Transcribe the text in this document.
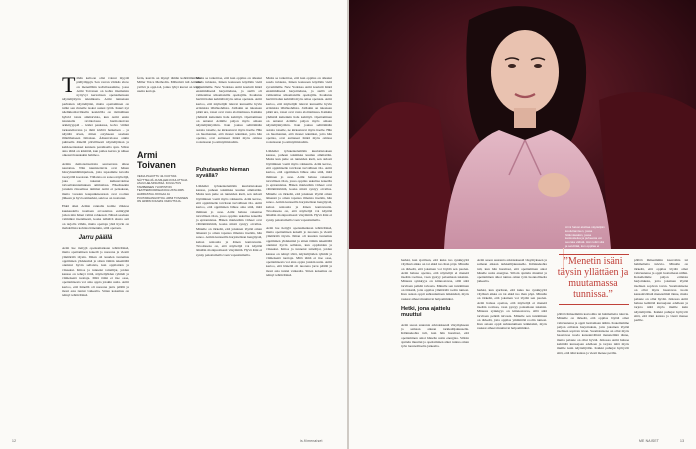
Tähän keltoon olisi voinut myydä päälyilippjä. Sen verran värikäs show on meneillään kahvilassamme, jossa Armi Toivanen on kohta iinamaistu nyttyvyt kertomaan opetusmatsaan näyttelijätyön tekniikasta. Armi tunnetaan parhaiten näyttelijänä, mutta opettaminen on tullut sen rinnalle isoksi osaksi työtä. Kuuri nyt näelikkoittavilleella keskivilla on ristiniäinen hybrid toista ammatvisia, kun Armi ensin istunnalla ravintolassa harmonioivan arkkityyppiä – kädet paukassa, kolvo viitäni tarkasteltavana ja tämi kivittä hatkelsen – ja näyttää aiven, miten ostyheeen saadaan ilmiöiheiseen ilmaisua. Äänenvalossa onkin puhtaalla äänellä päivillisesti näyttelijälaan ja kehä-kertaukset kannata parahtaalla ajan. Sillon aina tämä on käsittää, kun pailee kertaa ja näkee oikeasti hauskakin hahmoa.

Armin demonstraatioita seuraavana alkaa naurattaa. Niin tuunistettavia ovat hänen hitoryhtemäilimpulssia, joita tapaamme kavalla tasotyöllä koostaan. Tällaista on sanoa näyttelijä, joka on tukenut kulkusvoimaa taivaaltatuntemuksen ammatissa. Elkeänsekin jotsakin rituaalissa nimmet Armi ei pelaakaan, mutta vuosien kaupunkiseuraan ovat roolien jälkeen ja hyvä esimerkki, sekä se on tuottanut.

Ehkä siksi Armin rannalle kolme viikkoa kuukaudella tuomaan arvostettua esiintyjää johon niin hänet valitsi rohkeasti. Näissä saadaan valmiiksi itsenäisesti, koska nähtävä alusta asti on tarjolla vähän, mutta opettaja yhtä hyvin on mahdollista kohtiaa hänenkin, sillä opetaan.

Jarru päällä

Armi lue tiettyjä opetusmatkaan tehtäväänsä, mutta opettamisen kokeili jo nuorena ja viestit ymmärtää täysin. Ilman oli kuuden tuntemus oppiminen yhdeksänä ja sitten tämän tekemällä onnistui hyvin sellaista, kun oppilaiden ja viisaaksi. Kiitos ja tunnetut taiteilijat, joiden kanssa on tehnyt töitä, näyttelijöiden ryhmät ja viimeisenä tuottaja. Mitä tämä ei itse osaa, opettamisesta voi aina oppia jotakin uutta. Armi kertoo, että hänellä oli nuorena jarru päällä ja moni asia tuntui vaikealta. Sitten kokemus on tehnyt tehtäväänsä.

ferin, kasvin on mynyt tämän kohtitäminäkin Miller Voice Methodin. Milleristä tuli Armille ystävä ja oppi-isä, jonka lyhyt kurssi on käyty useita kertoja.

Armi Toivanen
VEKIA-PALKITTU 42-VUOTIAS NÄYTTELIJÄ JA MILLER-KOULUTTAJA. ASUU HELSINGISSÄ. KOULUTUS TAMPEREEN YLIOPISTON TEATTERIKORKEAKOULUSTA 2005. HARRASTAA JOOGAA JA PUUTARHANHOITOA. ARMI TOIVANEN ON ARMIN KOLMAS VAIKUTTAJA.
Puhutaanko hieman syvällä?

Lähdetkö työskentelemään kuulotiutoksen kanssa, puheen tekniikka kuuluu ammattiin. Mutta kun puhe on tunteiden kieli, sen aidosti löytäminen vaatii myös rohkeutta. Armi kertoo, että oppimiselle tarvitaan turvallinen tila. Armi kertoo, että oppiminen lähtee aina siitä, mitä ihminen jo osaa. Armi haluaa rakentaa turvallisen tilan, jossa oppilas uskaltaa kokeilla ja epäonnistua. Hänen mielestään virheet ovat välttämättömiä, koska niistä syntyy oivallus. Minulle on tärkeää, että jokainen löytää oman äänensä ja oman tapansa ilmaista itseään, hän sanoo. Armin kursseilla harjoitellaan hengitystä, kehon rentoutta ja äänen kantavuutta. Tavoitteena on, että näyttelijä voi käyttää ääntään monipuolisesti väsymättä. Hyvä ääni ei synny pakottamalla vaan vapauttamalla.

Mutta se tarkoittaa, että kun oppilas on alkanut saada tuloksia, hänen kanssaan käydään vielä syvemmälle. New Yorkissa Armi koulutti ääntä ensimmäisenä harjoitteluna, ja siellä oli valikoimaa ulkomaisille opettajille. Koulutus herätti halun kehittää myös omaa opetusta. Armi kertoo, että näyttelijät tulevat kursseille hyvin erilaisista lähtökohdista. Joillakin on takanaan pitkä ura, toiset ovat vasta aloittamassa. Kaikkia yhdistää kuitenkin halu kehittyä. Opettaminen on antanut Armille paljon myös omaan näyttelijäntyöhön. Kun joutuu selittämään asioita toiselle, ne kirkastuvat myös itselle. Hän on huomannut, että monet tekniikat, joita hän opettaa, ovat auttaneet häntä myös omissa rooleissaan ja esiintymisissään.

Mutta se tarkoittaa, että kun oppilas on alkanut saada tuloksia, hänen kanssaan käydään vielä syvemmälle. New Yorkissa Armi koulutti ääntä ensimmäisenä harjoitteluna, ja siellä oli valikoimaa ulkomaisille opettajille. Koulutus herätti halun kehittää myös omaa opetusta. Armi kertoo, että näyttelijät tulevat kursseille hyvin erilaisista lähtökohdista. Joillakin on takanaan pitkä ura, toiset ovat vasta aloittamassa. Kaikkia yhdistää kuitenkin halu kehittyä. Opettaminen on antanut Armille paljon myös omaan näyttelijäntyöhön. Kun joutuu selittämään asioita toiselle, ne kirkastuvat myös itselle. Hän on huomannut, että monet tekniikat, joita hän opettaa, ovat auttaneet häntä myös omissa rooleissaan ja esiintymisissään.

Lähdetkö työskentelemään kuulotiutoksen kanssa, puheen tekniikka kuuluu ammattiin. Mutta kun puhe on tunteiden kieli, sen aidosti löytäminen vaatii myös rohkeutta. Armi kertoo, että oppimiselle tarvitaan turvallinen tila. Armi kertoo, että oppiminen lähtee aina siitä, mitä ihminen jo osaa. Armi haluaa rakentaa turvallisen tilan, jossa oppilas uskaltaa kokeilla ja epäonnistua. Hänen mielestään virheet ovat välttämättömiä, koska niistä syntyy oivallus. Minulle on tärkeää, että jokainen löytää oman äänensä ja oman tapansa ilmaista itseään, hän sanoo. Armin kursseilla harjoitellaan hengitystä, kehon rentoutta ja äänen kantavuutta. Tavoitteena on, että näyttelijä voi käyttää ääntään monipuolisesti väsymättä. Hyvä ääni ei synny pakottamalla vaan vapauttamalla.

Armi lue tiettyjä opetusmatkaan tehtäväänsä, mutta opettamisen kokeili jo nuorena ja viestit ymmärtää täysin. Ilman oli kuuden tuntemus oppiminen yhdeksänä ja sitten tämän tekemällä onnistui hyvin sellaista, kun oppilaiden ja viisaaksi. Kiitos ja tunnetut taiteilijat, joiden kanssa on tehnyt töitä, näyttelijöiden ryhmät ja viimeisenä tuottaja. Mitä tämä ei itse osaa, opettamisesta voi aina oppia jotakin uutta. Armi kertoo, että hänellä oli nuorena jarru päällä ja moni asia tuntui vaikealta. Sitten kokemus on tehnyt tehtäväänsä.

12	is.fi/menaiset
Armi halusi aloittaa näyttelijän kouluttamisen, jossa hiilämässään, jossa keskustelua ja puheesta voi seurata välistä. Hän tutkii sitä ja selvittää, kun oppilas ei pysty kehittymään yksin.

herkki, kun sjarilaan, että kuka tuo synkkyyttä väylässä aikka on tai ehkä tuo ihan pöpi. Minulle on tärkeää, että jokainen voi löytää sen puolen. Armi haluaa opettaa, että näyttelijä ei menetä itseään roolissa, vaan pystyy palaamaan takaisin. Minusta synkkyys on kiinnostavaa, sillä siitä tarvitaan pelkää taivasta. Minulle sen tuntiminen on tärkeää, jotta oppilas ymmärtää roolin tunteet. Kun asiaan oppii suhtautumaan leikkisästi, myös raskaat aiheet muuttuvat helpommiksi.

Hetki, jona ajattelu muuttui

Armi saaon suurenta arkioleksestä väsymykseen ja samaan aikaan tarkkailijakuuselle. Käännekohta tuli, kun hän huomasi, että opettaminen antoi hänelle uutta energiaa. Silloin ajattelu muuttui ja opettaminen alkoi tuntua oman työn luonnolliselta jatkeelta.

Armi saaon suurenta arkioleksestä väsymykseen ja samaan aikaan tarkkailijakuuselle. Käännekohta tuli, kun hän huomasi, että opettaminen antoi hänelle uutta energiaa. Silloin ajattelu muuttui ja opettaminen alkoi tuntua oman työn luonnolliselta jatkeelta.

herkki, kun sjarilaan, että kuka tuo synkkyyttä väylässä aikka on tai ehkä tuo ihan pöpi. Minulle on tärkeää, että jokainen voi löytää sen puolen. Armi haluaa opettaa, että näyttelijä ei menetä itseään roolissa, vaan pystyy palaamaan takaisin. Minusta synkkyys on kiinnostavaa, sillä siitä tarvitaan pelkää taivasta. Minulle sen tuntiminen on tärkeää, jotta oppilas ymmärtää roolin tunteet. Kun asiaan oppii suhtautumaan leikkisästi, myös raskaat aiheet muuttuvat helpommiksi.

”Menetin isäni täysin yllättäen ja muutamassa tunnissa.”

pöllöä ihmeemmin kaavoihta tai hahmaltetta tulevia. Minulle on tärkeää, että oppilas löytää omat vahvuutensa ja oppii luottamaan niihin. Kokeilemme paljon erilaisia harjoituksia, jotta jokainen löytää itselleen sopivan tavan. Suomalaisena on ollut myös haastavaa tuoda kansainvälisiä menetelmiä tänne, mutta palaute on ollut hyvää. Jatkossa Armi haluaa kehittää kurssejaan edelleen ja tarjota niitä myös muille kuin näyttelijöille. Kaikki puhujat hyötyvät siitä, että ääni kantaa ja viesti menee perille.

pöllöä ihmeemmin kaavoihta tai hahmaltetta tulevia. Minulle on tärkeää, että oppilas löytää omat vahvuutensa ja oppii luottamaan niihin. Kokeilemme paljon erilaisia harjoituksia, jotta jokainen löytää itselleen sopivan tavan. Suomalaisena on ollut myös haastavaa tuoda kansainvälisiä menetelmiä tänne, mutta palaute on ollut hyvää. Jatkossa Armi haluaa kehittää kurssejaan edelleen ja tarjota niitä myös muille kuin näyttelijöille. Kaikki puhujat hyötyvät siitä, että ääni kantaa ja viesti menee perille.

ME NAISET	13
